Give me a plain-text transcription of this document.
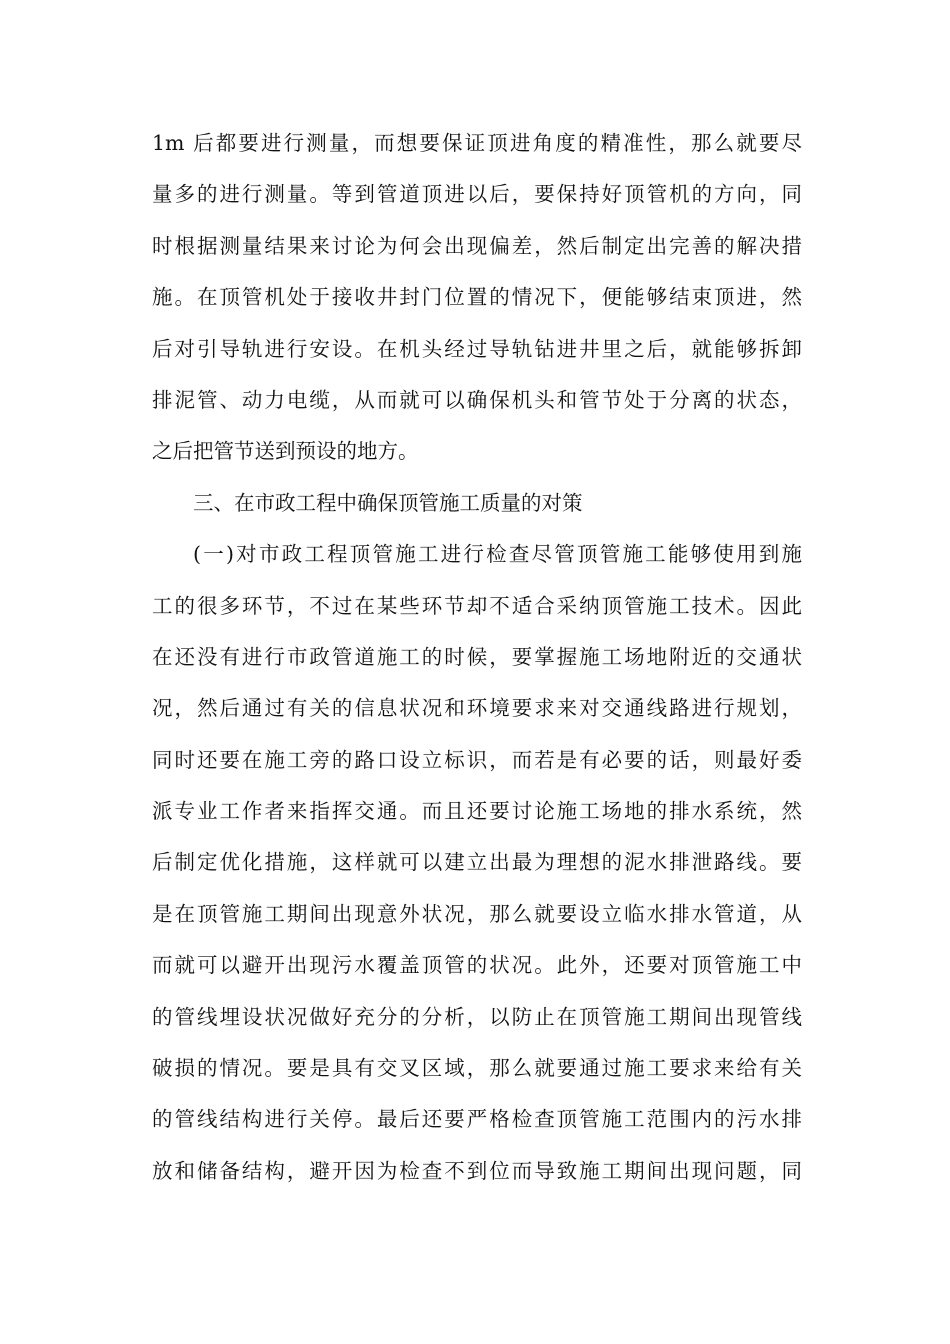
1m 后都要进行测量，而想要保证顶进角度的精准性，那么就要尽
量多的进行测量。等到管道顶进以后，要保持好顶管机的方向，同
时根据测量结果来讨论为何会出现偏差，然后制定出完善的解决措
施。在顶管机处于接收井封门位置的情况下，便能够结束顶进，然
后对引导轨进行安设。在机头经过导轨钻进井里之后，就能够拆卸
排泥管、动力电缆，从而就可以确保机头和管节处于分离的状态，
之后把管节送到预设的地方。
三、在市政工程中确保顶管施工质量的对策
(一)对市政工程顶管施工进行检查尽管顶管施工能够使用到施
工的很多环节，不过在某些环节却不适合采纳顶管施工技术。因此
在还没有进行市政管道施工的时候，要掌握施工场地附近的交通状
况，然后通过有关的信息状况和环境要求来对交通线路进行规划，
同时还要在施工旁的路口设立标识，而若是有必要的话，则最好委
派专业工作者来指挥交通。而且还要讨论施工场地的排水系统，然
后制定优化措施，这样就可以建立出最为理想的泥水排泄路线。要
是在顶管施工期间出现意外状况，那么就要设立临水排水管道，从
而就可以避开出现污水覆盖顶管的状况。此外，还要对顶管施工中
的管线埋设状况做好充分的分析，以防止在顶管施工期间出现管线
破损的情况。要是具有交叉区域，那么就要通过施工要求来给有关
的管线结构进行关停。最后还要严格检查顶管施工范围内的污水排
放和储备结构，避开因为检查不到位而导致施工期间出现问题，同
